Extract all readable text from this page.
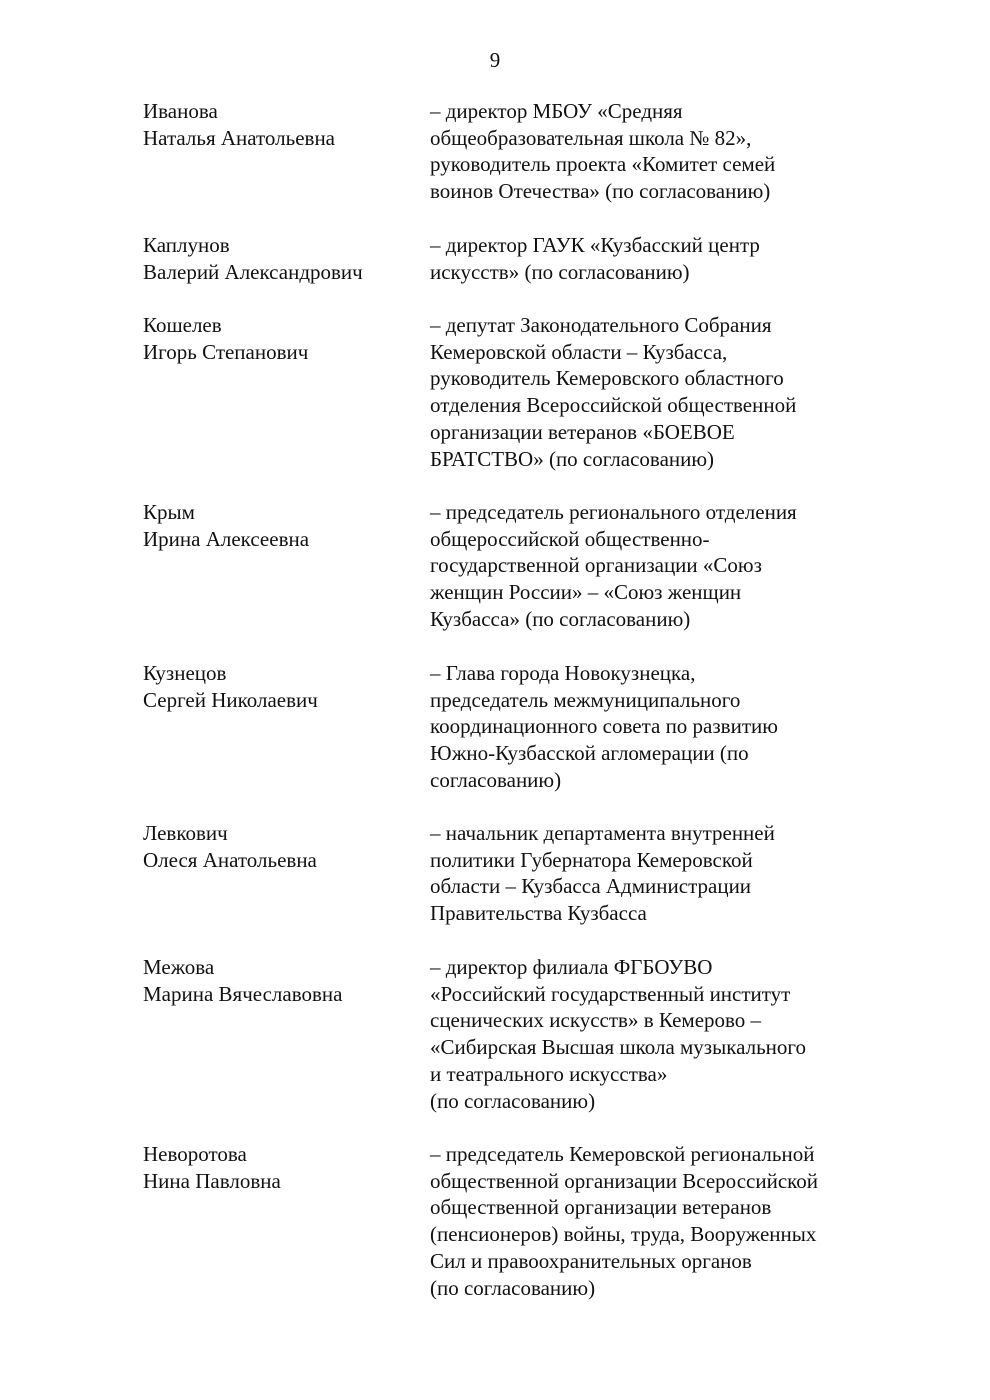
9
Иванова
Наталья Анатольевна
– директор МБОУ «Средняя
общеобразовательная школа № 82»,
руководитель проекта «Комитет семей
воинов Отечества» (по согласованию)
Каплунов
Валерий Александрович
– директор ГАУК «Кузбасский центр
искусств» (по согласованию)
Кошелев
Игорь Степанович
– депутат Законодательного Собрания
Кемеровской области – Кузбасса,
руководитель Кемеровского областного
отделения Всероссийской общественной
организации ветеранов «БОЕВОЕ
БРАТСТВО» (по согласованию)
Крым
Ирина Алексеевна
– председатель регионального отделения
общероссийской общественно-
государственной организации «Союз
женщин России» – «Союз женщин
Кузбасса» (по согласованию)
Кузнецов
Сергей Николаевич
– Глава города Новокузнецка,
председатель межмуниципального
координационного совета по развитию
Южно-Кузбасской агломерации (по
согласованию)
Левкович
Олеся Анатольевна
– начальник департамента внутренней
политики Губернатора Кемеровской
области – Кузбасса Администрации
Правительства Кузбасса
Межова
Марина Вячеславовна
– директор филиала ФГБОУВО
«Российский государственный институт
сценических искусств» в Кемерово –
«Сибирская Высшая школа музыкального
и театрального искусства»
(по согласованию)
Неворотова
Нина Павловна
– председатель Кемеровской региональной
общественной организации Всероссийской
общественной организации ветеранов
(пенсионеров) войны, труда, Вооруженных
Сил и правоохранительных органов
(по согласованию)
